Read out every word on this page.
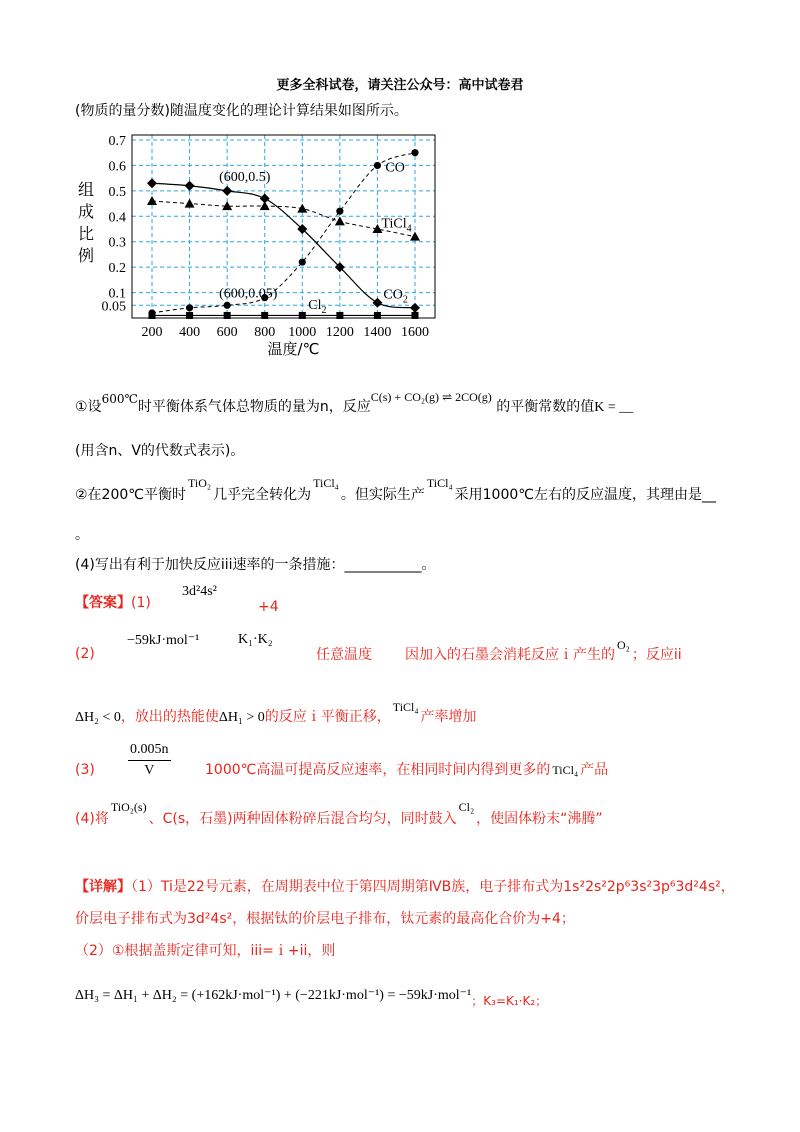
更多全科试卷，请关注公众号：高中试卷君
(物质的量分数)随温度变化的理论计算结果如图所示。
0.7
0.6
0.5
0.4
0.3
0.2
0.1
0.05
200 400 600 800 1000 1200 1400 1600
温度/℃
组成比例
CO
TiCl$_4$
$CO_2$
$Cl_2$
(600,0.5)
(600,0.05)
①设600℃时平衡体系气体总物质的量为n，反应C(s) + CO₂(g) ⇌ 2CO(g) 的平衡常数的值K = __
(用含n、V的代数式表示)。
②在200℃平衡时TiO₂几乎完全转化为TiCl₄。但实际生产TiCl₄采用1000℃左右的反应温度，其理由是__
。
(4)写出有利于加快反应iii速率的一条措施：___________。
【答案】(1)
3d²4s²
+4
(2)
−59kJ·mol⁻¹	K₁·K₂
任意温度 因加入的石墨会消耗反应ｉ产生的O₂；反应ii
ΔH₂ < 0，放出的热能使ΔH₁ > 0的反应ｉ平衡正移，TiCl₄产率增加
$(3) \frac{0.005n}{V}$ 1000℃高温可提高反应速率，在相同时间内得到更多的 TiCl₄ 产品
(4)将TiO₂(s)、C(s，石墨)两种固体粉碎后混合均匀，同时鼓入Cl₂，使固体粉末“沸腾”
【详解】（1）Ti是22号元素，在周期表中位于第四周期第ⅣB族，电子排布式为1s²2s²2p⁶3s²3p⁶3d²4s²，
价层电子排布式为3d²4s²，根据钛的价层电子排布，钛元素的最高化合价为+4；
（2）①根据盖斯定律可知，iii=ｉ+ii，则
$\Delta H_3 = \Delta H_1 + \Delta H_2 = (+162kJ\cdot mol^{-1}) + (-221kJ\cdot mol^{-1}) = -59kJ\cdot mol^{-1}_{;K_3=K_1\cdot K_2;}$
